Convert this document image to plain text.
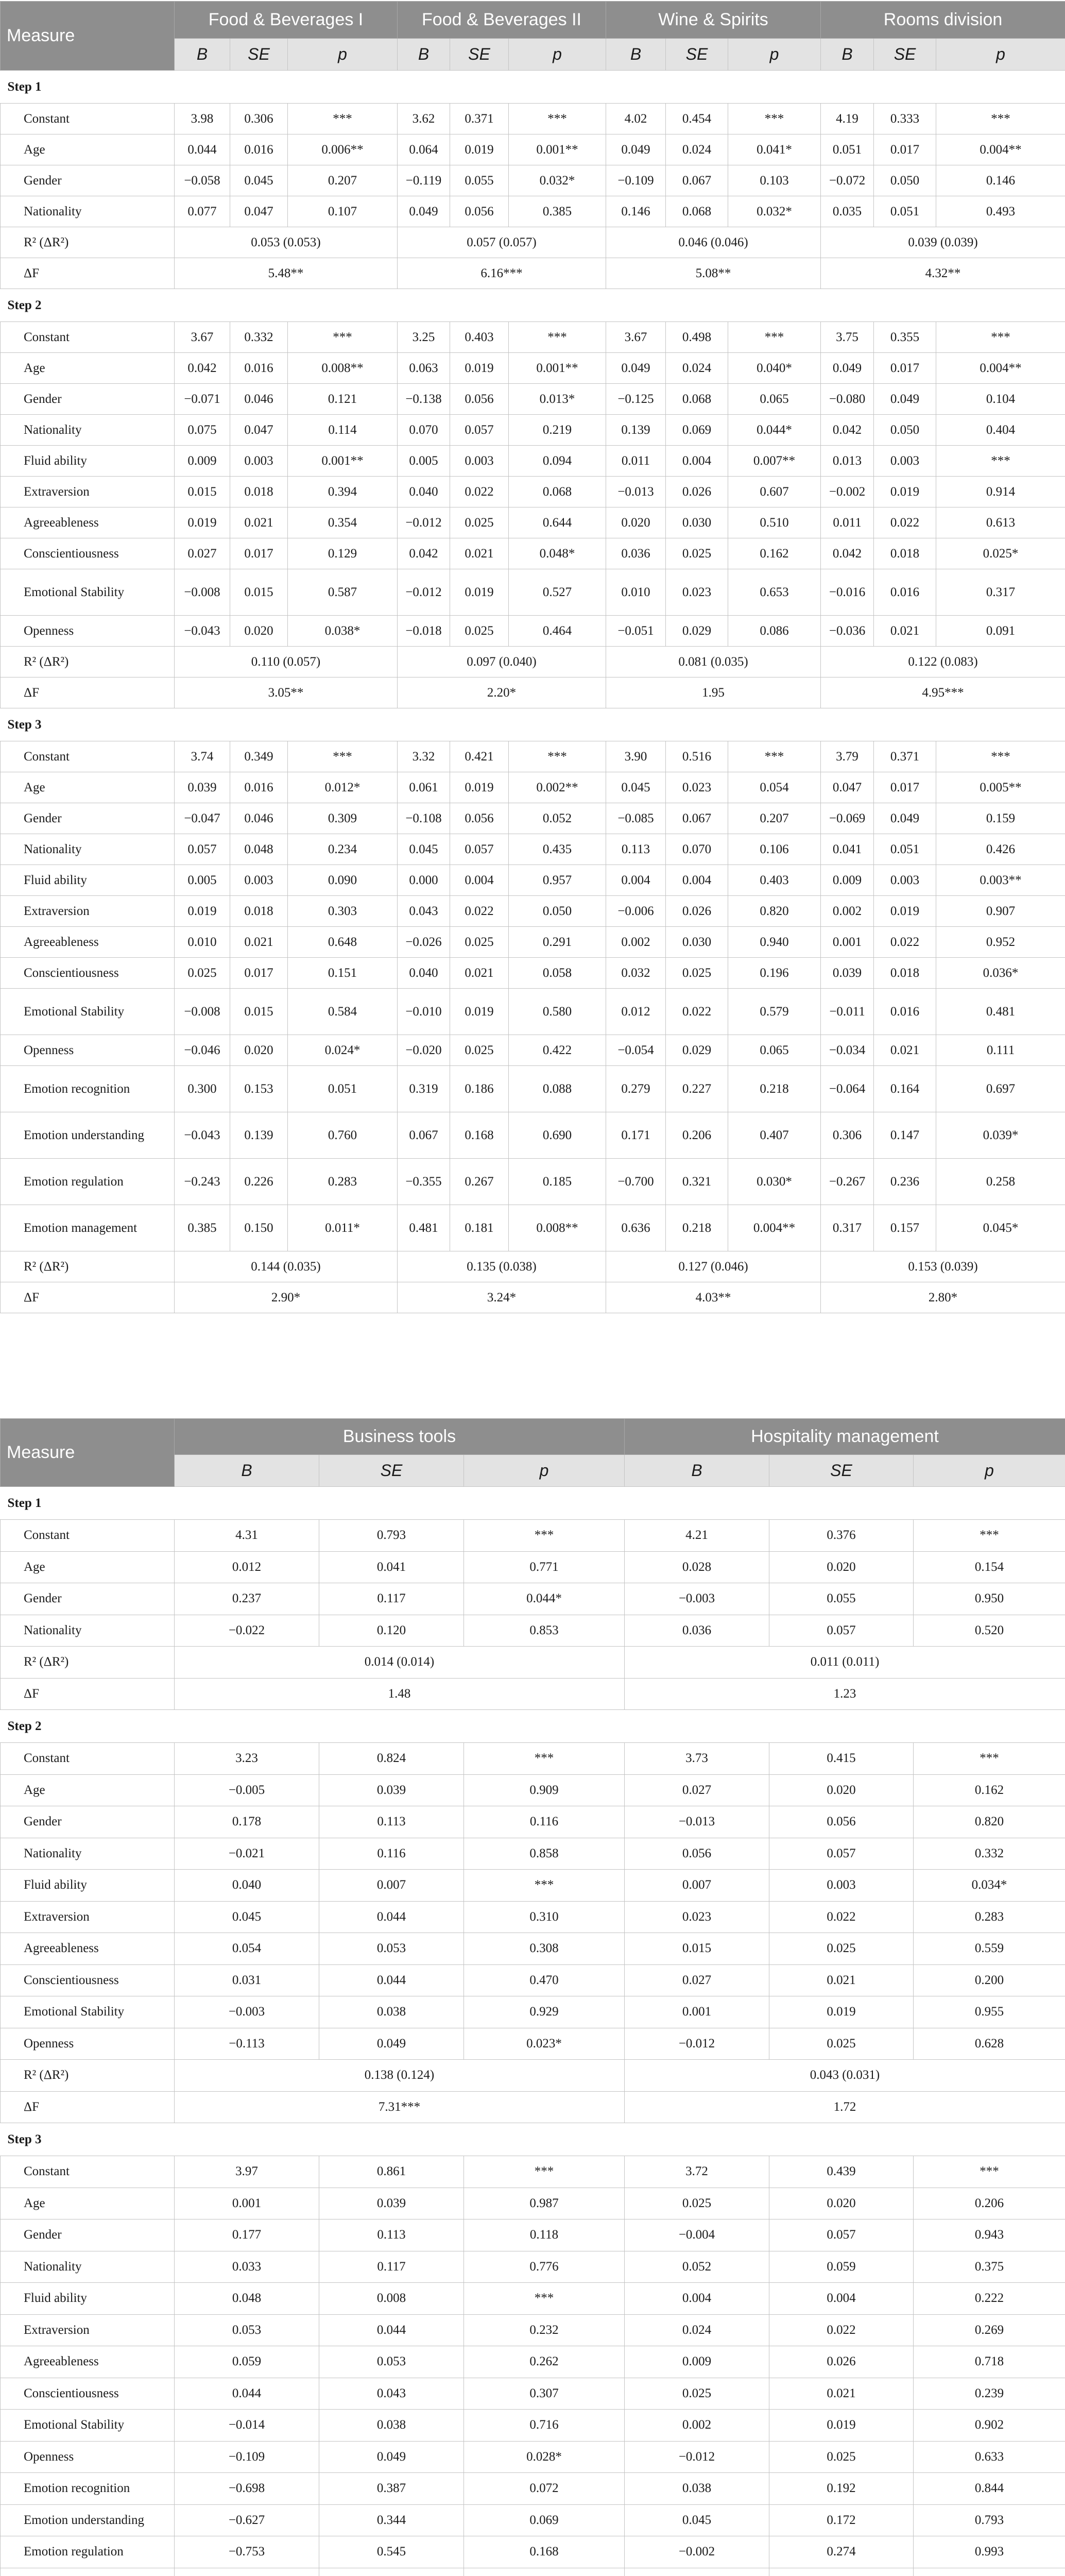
Measure	Food & Beverages I			Food & Beverages II			Wine & Spirits			Rooms division		
	B	SE	p	B	SE	p	B	SE	p	B	SE	p
Step 1												
Constant	3.98	0.306	***	3.62	0.371	***	4.02	0.454	***	4.19	0.333	***
Age	0.044	0.016	0.006**	0.064	0.019	0.001**	0.049	0.024	0.041*	0.051	0.017	0.004**
Gender	−0.058	0.045	0.207	−0.119	0.055	0.032*	−0.109	0.067	0.103	−0.072	0.050	0.146
Nationality	0.077	0.047	0.107	0.049	0.056	0.385	0.146	0.068	0.032*	0.035	0.051	0.493
R² (ΔR²)	0.053 (0.053)			0.057 (0.057)			0.046 (0.046)			0.039 (0.039)		
ΔF	5.48**			6.16***			5.08**			4.32**		
Step 2												
Constant	3.67	0.332	***	3.25	0.403	***	3.67	0.498	***	3.75	0.355	***
Age	0.042	0.016	0.008**	0.063	0.019	0.001**	0.049	0.024	0.040*	0.049	0.017	0.004**
Gender	−0.071	0.046	0.121	−0.138	0.056	0.013*	−0.125	0.068	0.065	−0.080	0.049	0.104
Nationality	0.075	0.047	0.114	0.070	0.057	0.219	0.139	0.069	0.044*	0.042	0.050	0.404
Fluid ability	0.009	0.003	0.001**	0.005	0.003	0.094	0.011	0.004	0.007**	0.013	0.003	***
Extraversion	0.015	0.018	0.394	0.040	0.022	0.068	−0.013	0.026	0.607	−0.002	0.019	0.914
Agreeableness	0.019	0.021	0.354	−0.012	0.025	0.644	0.020	0.030	0.510	0.011	0.022	0.613
Conscientiousness	0.027	0.017	0.129	0.042	0.021	0.048*	0.036	0.025	0.162	0.042	0.018	0.025*
Emotional Stability	−0.008	0.015	0.587	−0.012	0.019	0.527	0.010	0.023	0.653	−0.016	0.016	0.317
Openness	−0.043	0.020	0.038*	−0.018	0.025	0.464	−0.051	0.029	0.086	−0.036	0.021	0.091
R² (ΔR²)	0.110 (0.057)			0.097 (0.040)			0.081 (0.035)			0.122 (0.083)		
ΔF	3.05**			2.20*			1.95			4.95***		
Step 3												
Constant	3.74	0.349	***	3.32	0.421	***	3.90	0.516	***	3.79	0.371	***
Age	0.039	0.016	0.012*	0.061	0.019	0.002**	0.045	0.023	0.054	0.047	0.017	0.005**
Gender	−0.047	0.046	0.309	−0.108	0.056	0.052	−0.085	0.067	0.207	−0.069	0.049	0.159
Nationality	0.057	0.048	0.234	0.045	0.057	0.435	0.113	0.070	0.106	0.041	0.051	0.426
Fluid ability	0.005	0.003	0.090	0.000	0.004	0.957	0.004	0.004	0.403	0.009	0.003	0.003**
Extraversion	0.019	0.018	0.303	0.043	0.022	0.050	−0.006	0.026	0.820	0.002	0.019	0.907
Agreeableness	0.010	0.021	0.648	−0.026	0.025	0.291	0.002	0.030	0.940	0.001	0.022	0.952
Conscientiousness	0.025	0.017	0.151	0.040	0.021	0.058	0.032	0.025	0.196	0.039	0.018	0.036*
Emotional Stability	−0.008	0.015	0.584	−0.010	0.019	0.580	0.012	0.022	0.579	−0.011	0.016	0.481
Openness	−0.046	0.020	0.024*	−0.020	0.025	0.422	−0.054	0.029	0.065	−0.034	0.021	0.111
Emotion recognition	0.300	0.153	0.051	0.319	0.186	0.088	0.279	0.227	0.218	−0.064	0.164	0.697
Emotion understanding	−0.043	0.139	0.760	0.067	0.168	0.690	0.171	0.206	0.407	0.306	0.147	0.039*
Emotion regulation	−0.243	0.226	0.283	−0.355	0.267	0.185	−0.700	0.321	0.030*	−0.267	0.236	0.258
Emotion management	0.385	0.150	0.011*	0.481	0.181	0.008**	0.636	0.218	0.004**	0.317	0.157	0.045*
R² (ΔR²)	0.144 (0.035)			0.135 (0.038)			0.127 (0.046)			0.153 (0.039)		
ΔF	2.90*			3.24*			4.03**			2.80*		
Measure	Business tools			Hospitality management		
	B	SE	p	B	SE	p
Step 1						
Constant	4.31	0.793	***	4.21	0.376	***
Age	0.012	0.041	0.771	0.028	0.020	0.154
Gender	0.237	0.117	0.044*	−0.003	0.055	0.950
Nationality	−0.022	0.120	0.853	0.036	0.057	0.520
R² (ΔR²)	0.014 (0.014)			0.011 (0.011)		
ΔF	1.48			1.23		
Step 2						
Constant	3.23	0.824	***	3.73	0.415	***
Age	−0.005	0.039	0.909	0.027	0.020	0.162
Gender	0.178	0.113	0.116	−0.013	0.056	0.820
Nationality	−0.021	0.116	0.858	0.056	0.057	0.332
Fluid ability	0.040	0.007	***	0.007	0.003	0.034*
Extraversion	0.045	0.044	0.310	0.023	0.022	0.283
Agreeableness	0.054	0.053	0.308	0.015	0.025	0.559
Conscientiousness	0.031	0.044	0.470	0.027	0.021	0.200
Emotional Stability	−0.003	0.038	0.929	0.001	0.019	0.955
Openness	−0.113	0.049	0.023*	−0.012	0.025	0.628
R² (ΔR²)	0.138 (0.124)			0.043 (0.031)		
ΔF	7.31***			1.72		
Step 3						
Constant	3.97	0.861	***	3.72	0.439	***
Age	0.001	0.039	0.987	0.025	0.020	0.206
Gender	0.177	0.113	0.118	−0.004	0.057	0.943
Nationality	0.033	0.117	0.776	0.052	0.059	0.375
Fluid ability	0.048	0.008	***	0.004	0.004	0.222
Extraversion	0.053	0.044	0.232	0.024	0.022	0.269
Agreeableness	0.059	0.053	0.262	0.009	0.026	0.718
Conscientiousness	0.044	0.043	0.307	0.025	0.021	0.239
Emotional Stability	−0.014	0.038	0.716	0.002	0.019	0.902
Openness	−0.109	0.049	0.028*	−0.012	0.025	0.633
Emotion recognition	−0.698	0.387	0.072	0.038	0.192	0.844
Emotion understanding	−0.627	0.344	0.069	0.045	0.172	0.793
Emotion regulation	−0.753	0.545	0.168	−0.002	0.274	0.993
